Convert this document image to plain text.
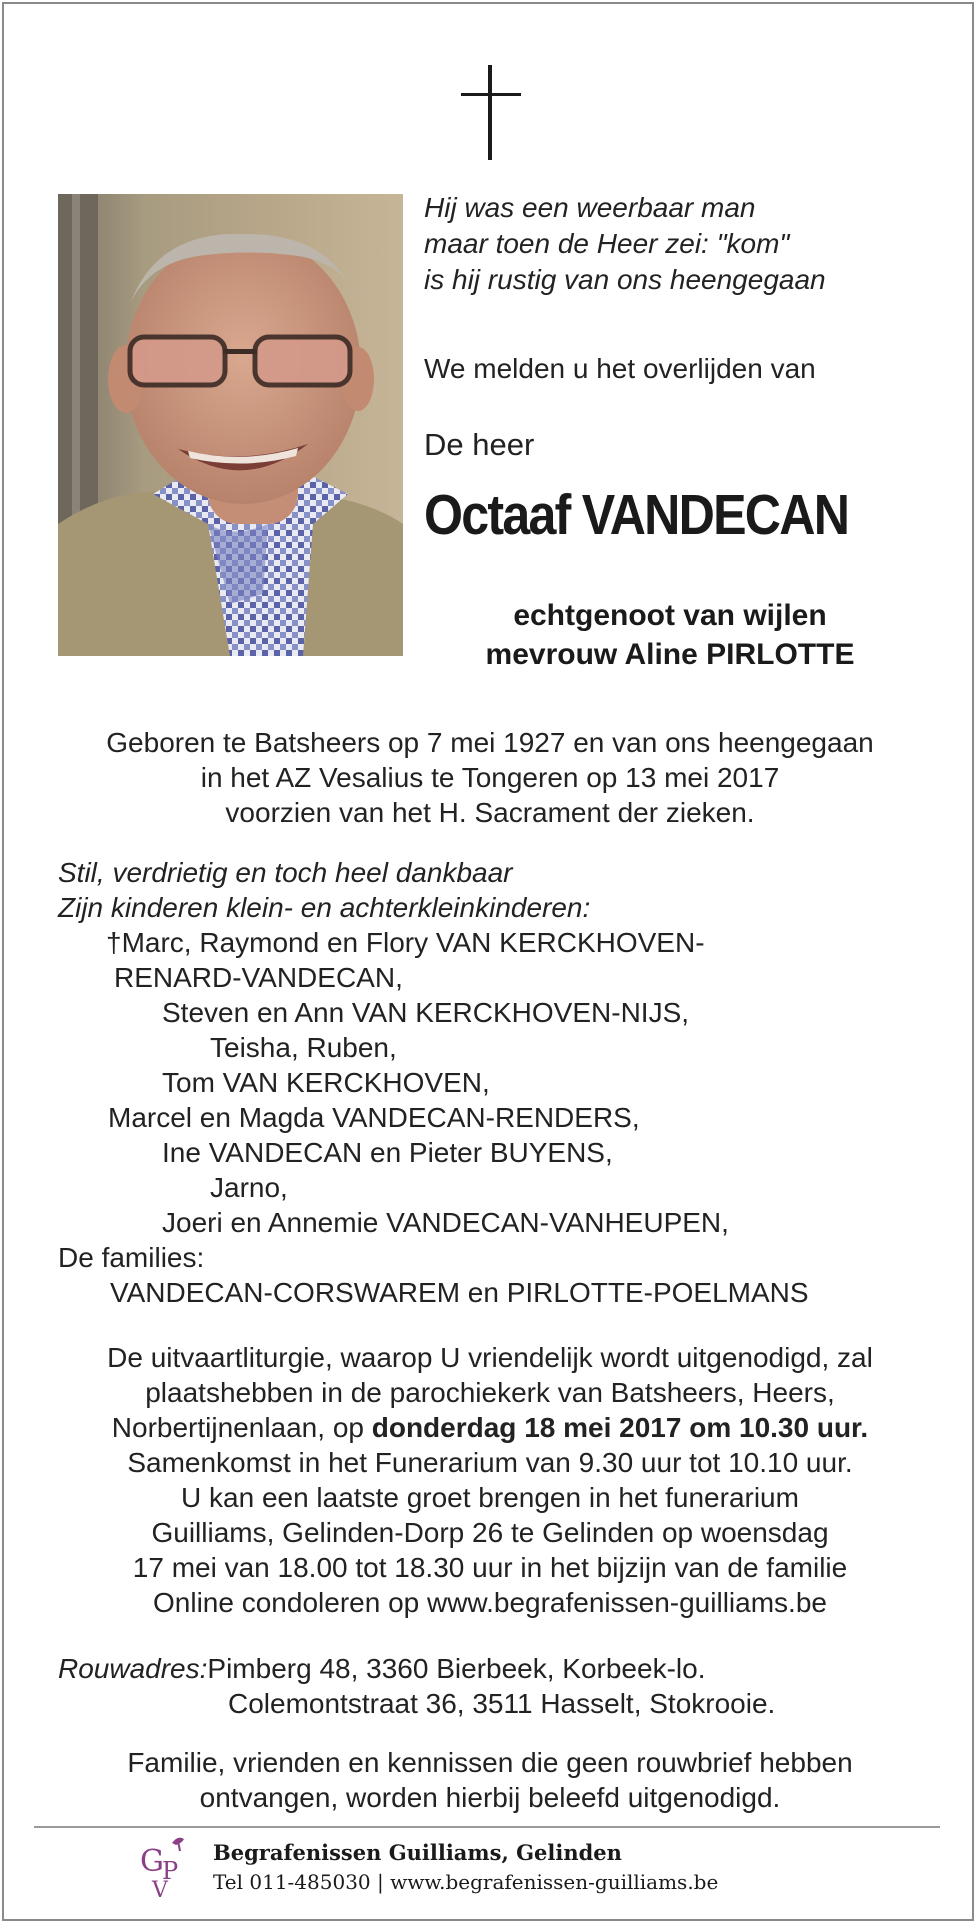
Hij was een weerbaar man
maar toen de Heer zei: "kom"
is hij rustig van ons heengegaan
We melden u het overlijden van
De heer
Octaaf VANDECAN
echtgenoot van wijlen
mevrouw Aline PIRLOTTE
Geboren te Batsheers op 7 mei 1927 en van ons heengegaan
in het AZ Vesalius te Tongeren op 13 mei 2017
voorzien van het H. Sacrament der zieken.
Stil, verdrietig en toch heel dankbaar
Zijn kinderen klein- en achterkleinkinderen:
†Marc, Raymond en Flory VAN KERCKHOVEN-
RENARD-VANDECAN,
Steven en Ann VAN KERCKHOVEN-NIJS,
Teisha, Ruben,
Tom VAN KERCKHOVEN,
Marcel en Magda VANDECAN-RENDERS,
Ine VANDECAN en Pieter BUYENS,
Jarno,
Joeri en Annemie VANDECAN-VANHEUPEN,
De families:
VANDECAN-CORSWAREM en PIRLOTTE-POELMANS
De uitvaartliturgie, waarop U vriendelijk wordt uitgenodigd, zal
plaatshebben in de parochiekerk van Batsheers, Heers,
Norbertijnenlaan, op donderdag 18 mei 2017 om 10.30 uur.
Samenkomst in het Funerarium van 9.30 uur tot 10.10 uur.
U kan een laatste groet brengen in het funerarium
Guilliams, Gelinden-Dorp 26 te Gelinden op woensdag
17 mei van 18.00 tot 18.30 uur in het bijzijn van de familie
Online condoleren op www.begrafenissen-guilliams.be
Rouwadres:Pimberg 48, 3360 Bierbeek, Korbeek-lo.
Colemontstraat 36, 3511 Hasselt, Stokrooie.
Familie, vrienden en kennissen die geen rouwbrief hebben
ontvangen, worden hierbij beleefd uitgenodigd.
G
P
V
Begrafenissen Guilliams, Gelinden
Tel 011-485030 | www.begrafenissen-guilliams.be
